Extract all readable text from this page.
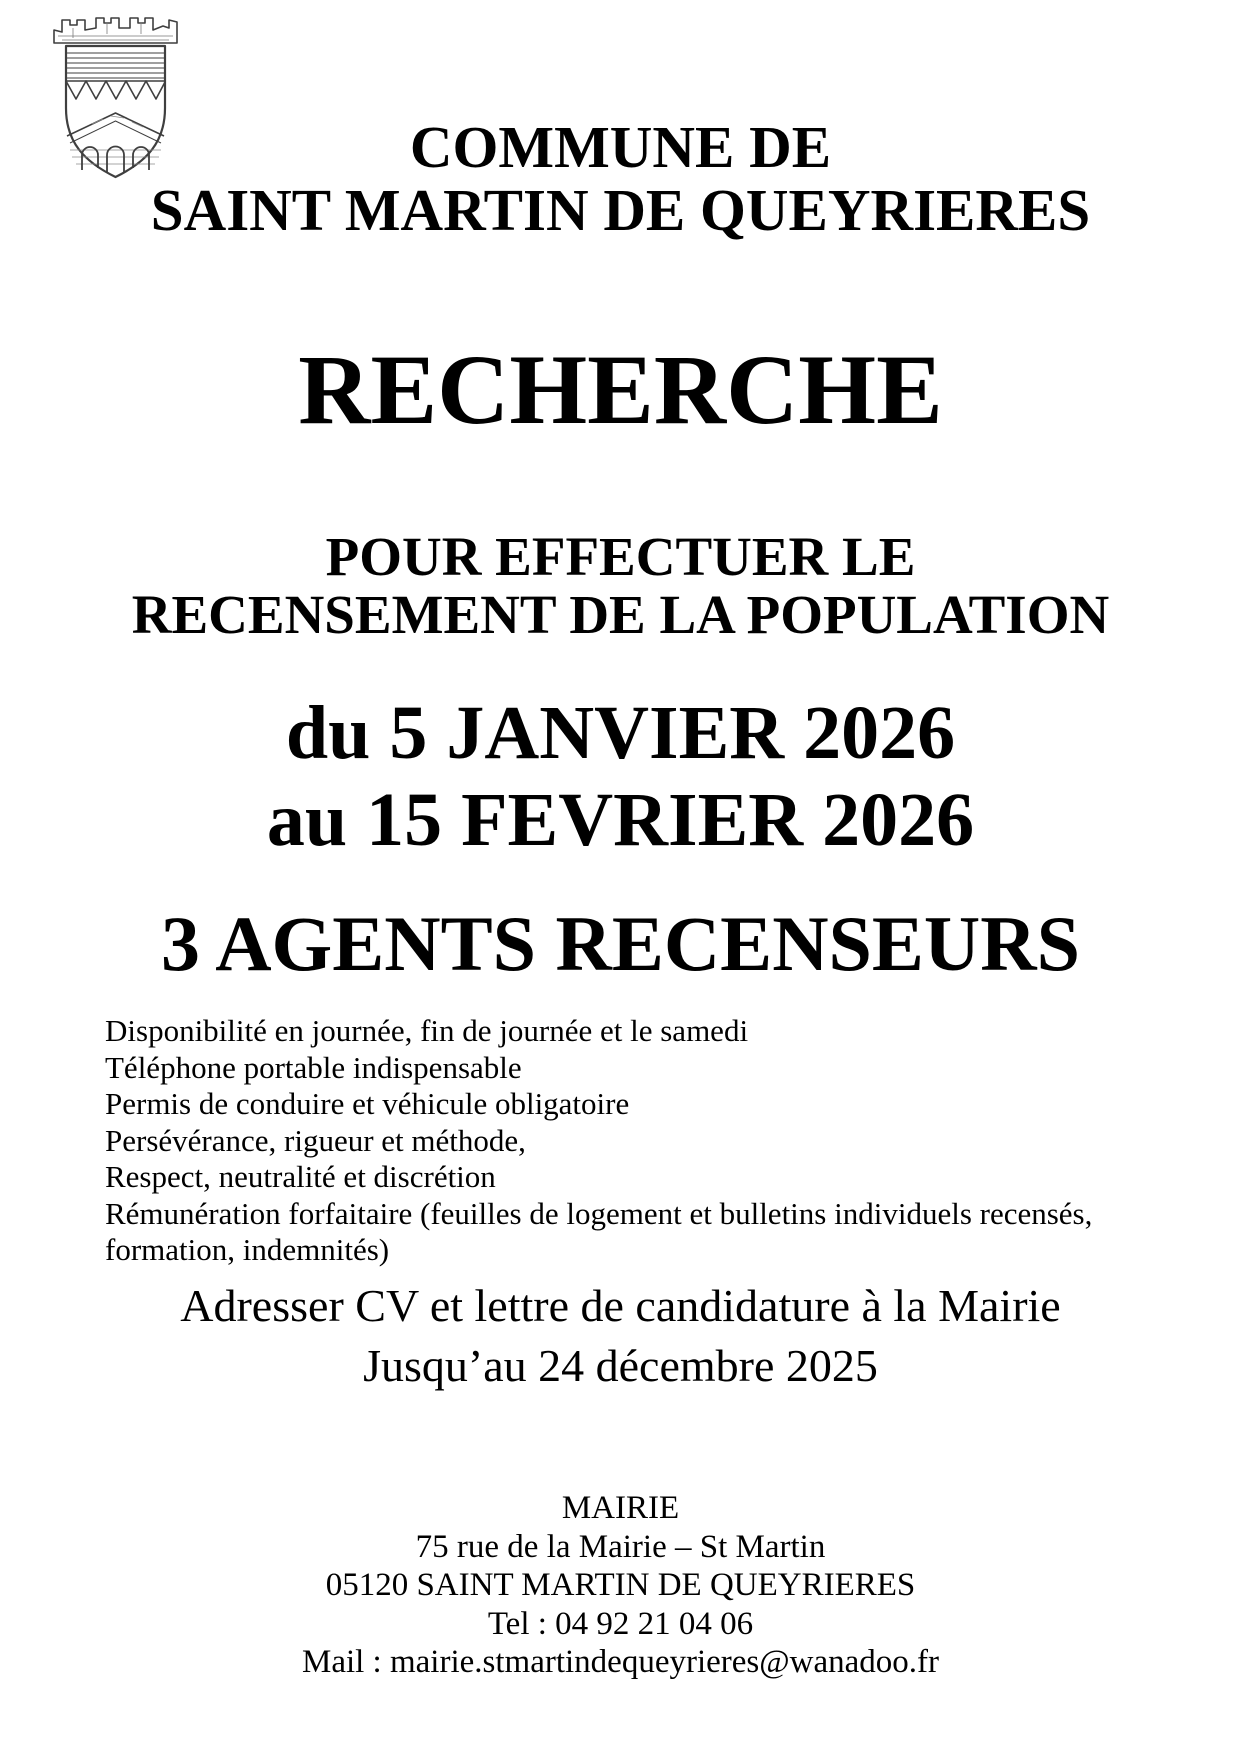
COMMUNE DE
SAINT MARTIN DE QUEYRIERES
RECHERCHE
POUR EFFECTUER LE
RECENSEMENT DE LA POPULATION
du 5 JANVIER 2026
au 15 FEVRIER 2026
3 AGENTS RECENSEURS
Disponibilité en journée, fin de journée et le samedi
Téléphone portable indispensable
Permis de conduire et véhicule obligatoire
Persévérance, rigueur et méthode,
Respect, neutralité et discrétion
Rémunération forfaitaire (feuilles de logement et bulletins individuels recensés, formation, indemnités)
Adresser CV et lettre de candidature à la Mairie
Jusqu’au 24 décembre 2025
MAIRIE
75 rue de la Mairie – St Martin
05120 SAINT MARTIN DE QUEYRIERES
Tel : 04 92 21 04 06
Mail : mairie.stmartindequeyrieres@wanadoo.fr
